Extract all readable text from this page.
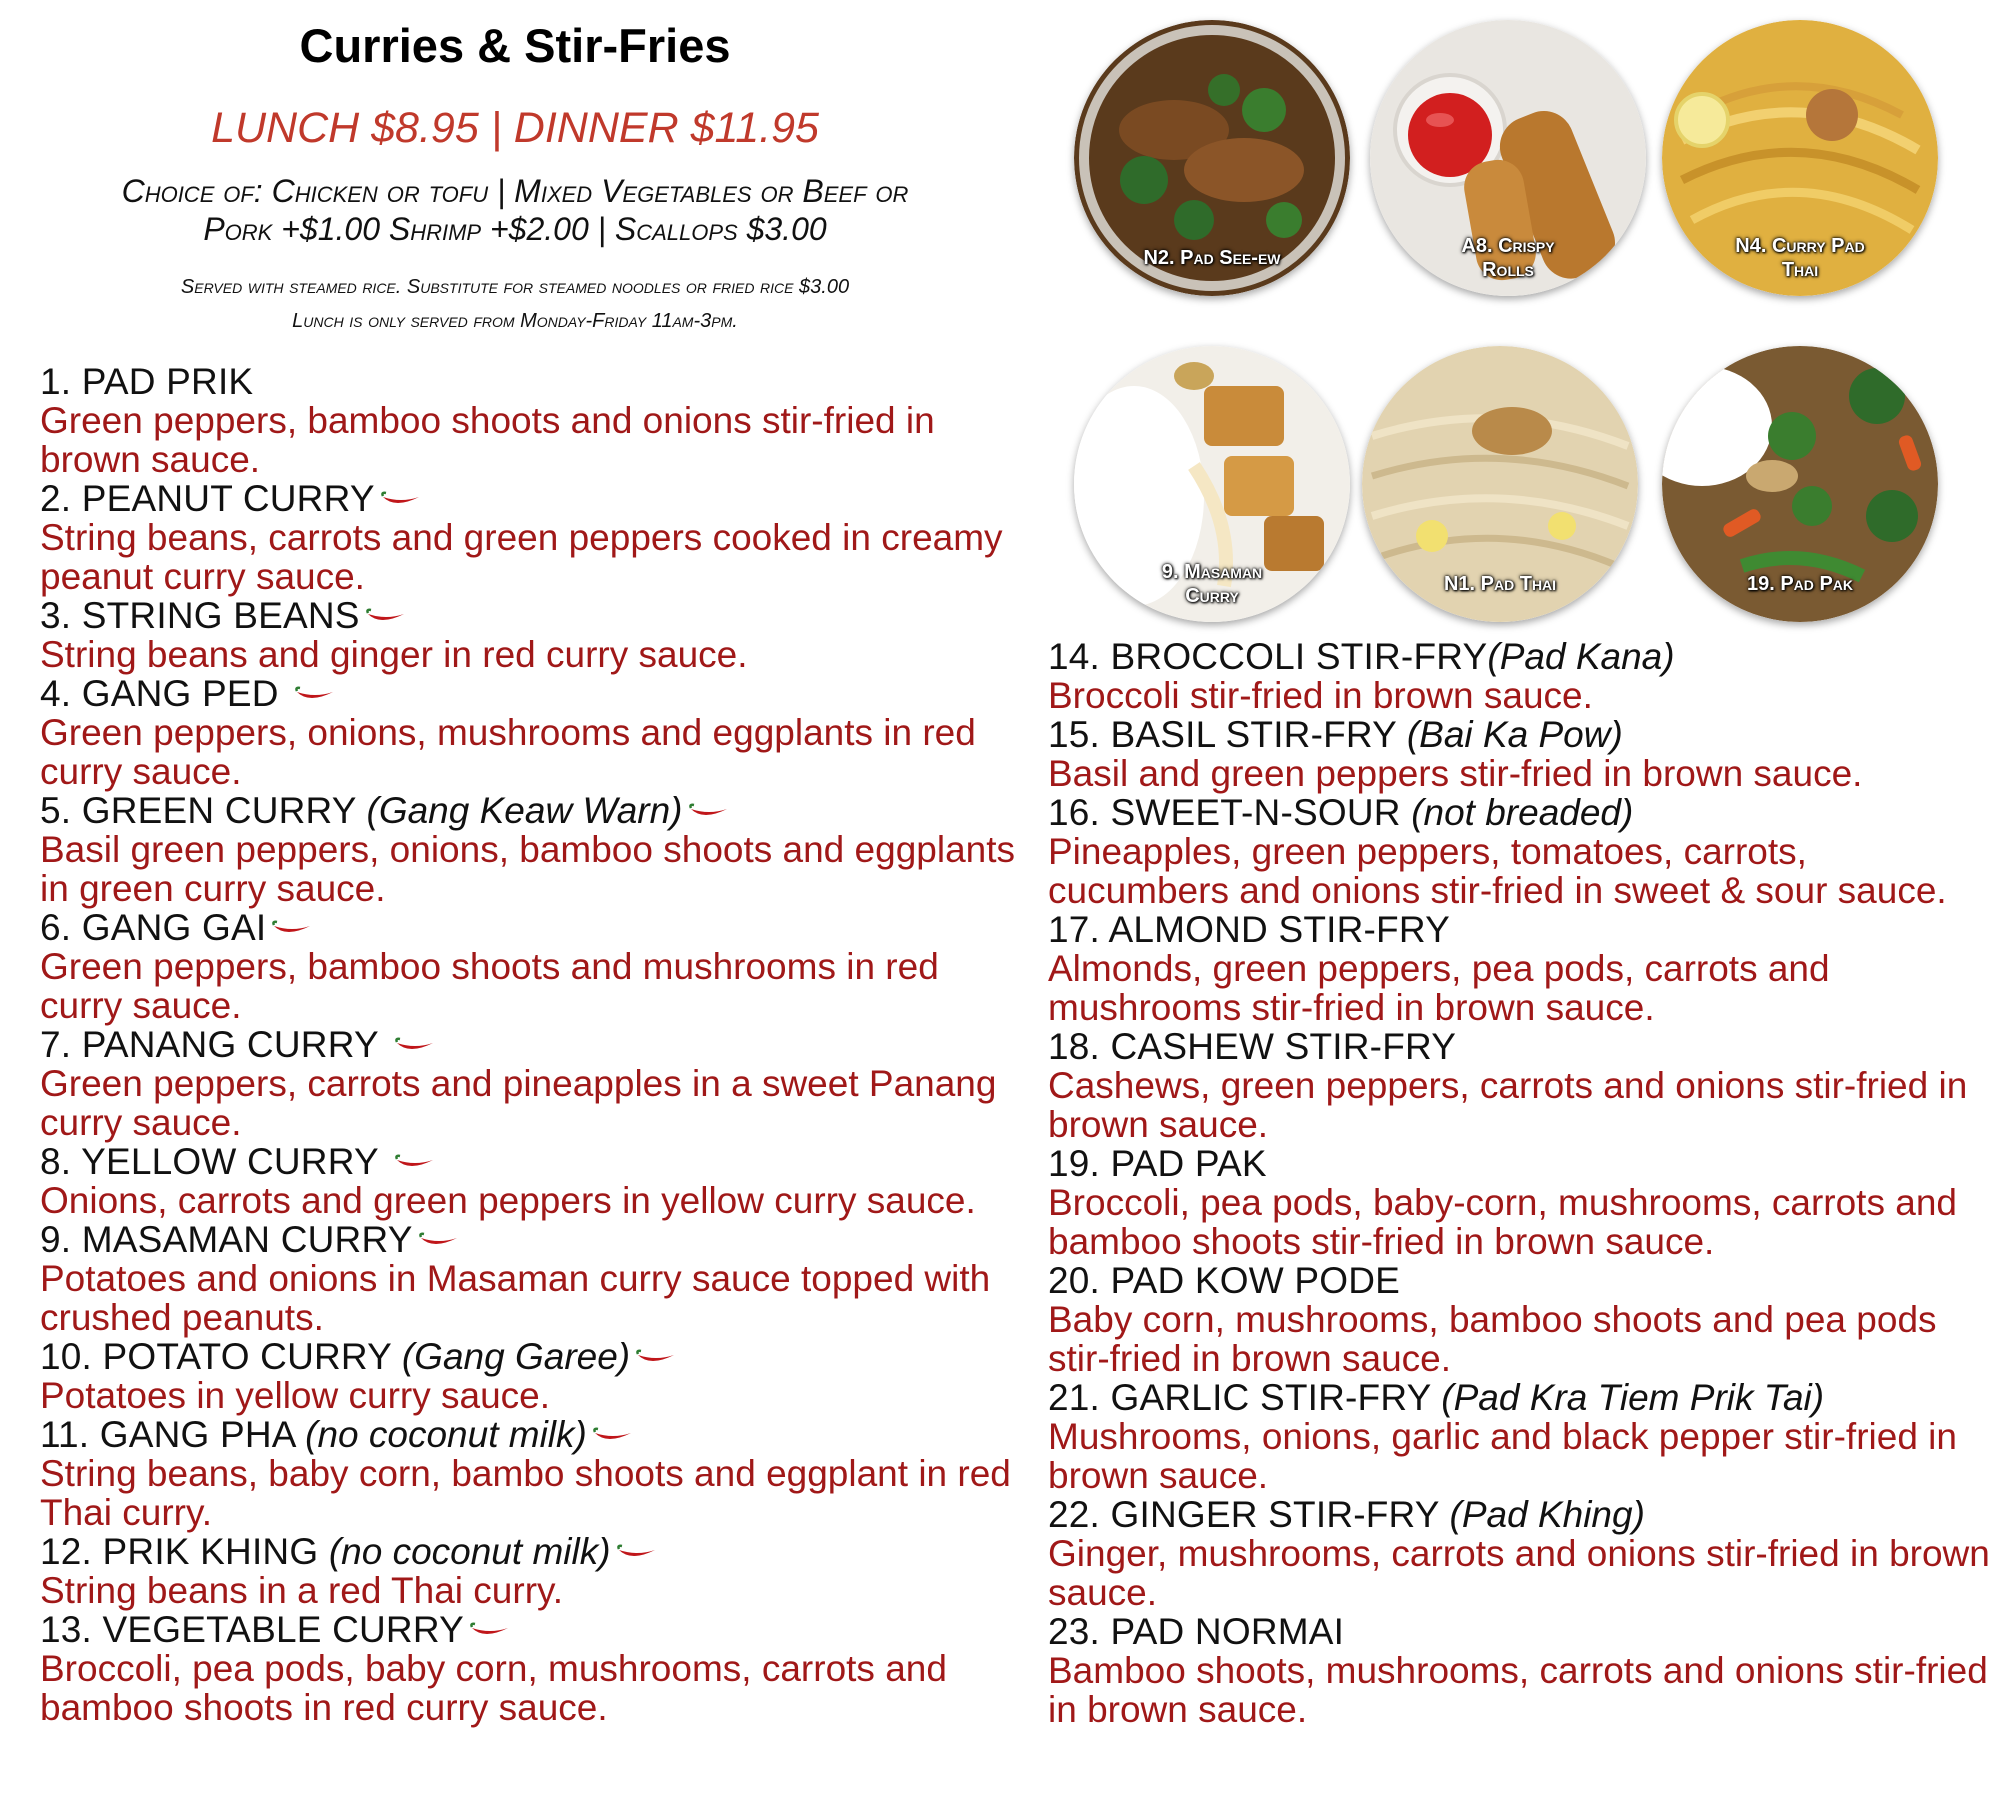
Curries & Stir-Fries
LUNCH $8.95 | DINNER $11.95
Choice of: Chicken or tofu | Mixed Vegetables or Beef or
Pork +$1.00 Shrimp +$2.00 | Scallops $3.00
Served with steamed rice. Substitute for steamed noodles or fried rice $3.00
Lunch is only served from Monday-Friday 11am-3pm.
N2. Pad See-ew
A8. Crispy
Rolls
N4. Curry Pad
Thai
9. Masaman
Curry
N1. Pad Thai	19. Pad Pak
1. PAD PRIK
Green peppers, bamboo shoots and onions stir-fried in brown sauce.
2. PEANUT CURRY
String beans, carrots and green peppers cooked in creamy peanut curry sauce.
3. STRING BEANS
String beans and ginger in red curry sauce.
4. GANG PED
Green peppers, onions, mushrooms and eggplants in red curry sauce.
5. GREEN CURRY (Gang Keaw Warn)
Basil green peppers, onions, bamboo shoots and eggplants in green curry sauce.
6. GANG GAI
Green peppers, bamboo shoots and mushrooms in red curry sauce.
7. PANANG CURRY
Green peppers, carrots and pineapples in a sweet Panang curry sauce.
8. YELLOW CURRY
Onions, carrots and green peppers in yellow curry sauce.
9. MASAMAN CURRY
Potatoes and onions in Masaman curry sauce topped with crushed peanuts.
10. POTATO CURRY (Gang Garee)
Potatoes in yellow curry sauce.
11. GANG PHA (no coconut milk)
String beans, baby corn, bambo shoots and eggplant in red Thai curry.
12. PRIK KHING (no coconut milk)
String beans in a red Thai curry.
13. VEGETABLE CURRY
Broccoli, pea pods, baby corn, mushrooms, carrots and bamboo shoots in red curry sauce.
14. BROCCOLI STIR-FRY(Pad Kana)
Broccoli stir-fried in brown sauce.
15. BASIL STIR-FRY (Bai Ka Pow)
Basil and green peppers stir-fried in brown sauce.
16. SWEET-N-SOUR (not breaded)
Pineapples, green peppers, tomatoes, carrots, cucumbers and onions stir-fried in sweet & sour sauce.
17. ALMOND STIR-FRY
Almonds, green peppers, pea pods, carrots and mushrooms stir-fried in brown sauce.
18. CASHEW STIR-FRY
Cashews, green peppers, carrots and onions stir-fried in brown sauce.
19. PAD PAK
Broccoli, pea pods, baby-corn, mushrooms, carrots and bamboo shoots stir-fried in brown sauce.
20. PAD KOW PODE
Baby corn, mushrooms, bamboo shoots and pea pods stir-fried in brown sauce.
21. GARLIC STIR-FRY (Pad Kra Tiem Prik Tai)
Mushrooms, onions, garlic and black pepper stir-fried in brown sauce.
22. GINGER STIR-FRY (Pad Khing)
Ginger, mushrooms, carrots and onions stir-fried in brown sauce.
23. PAD NORMAI
Bamboo shoots, mushrooms, carrots and onions stir-fried in brown sauce.
